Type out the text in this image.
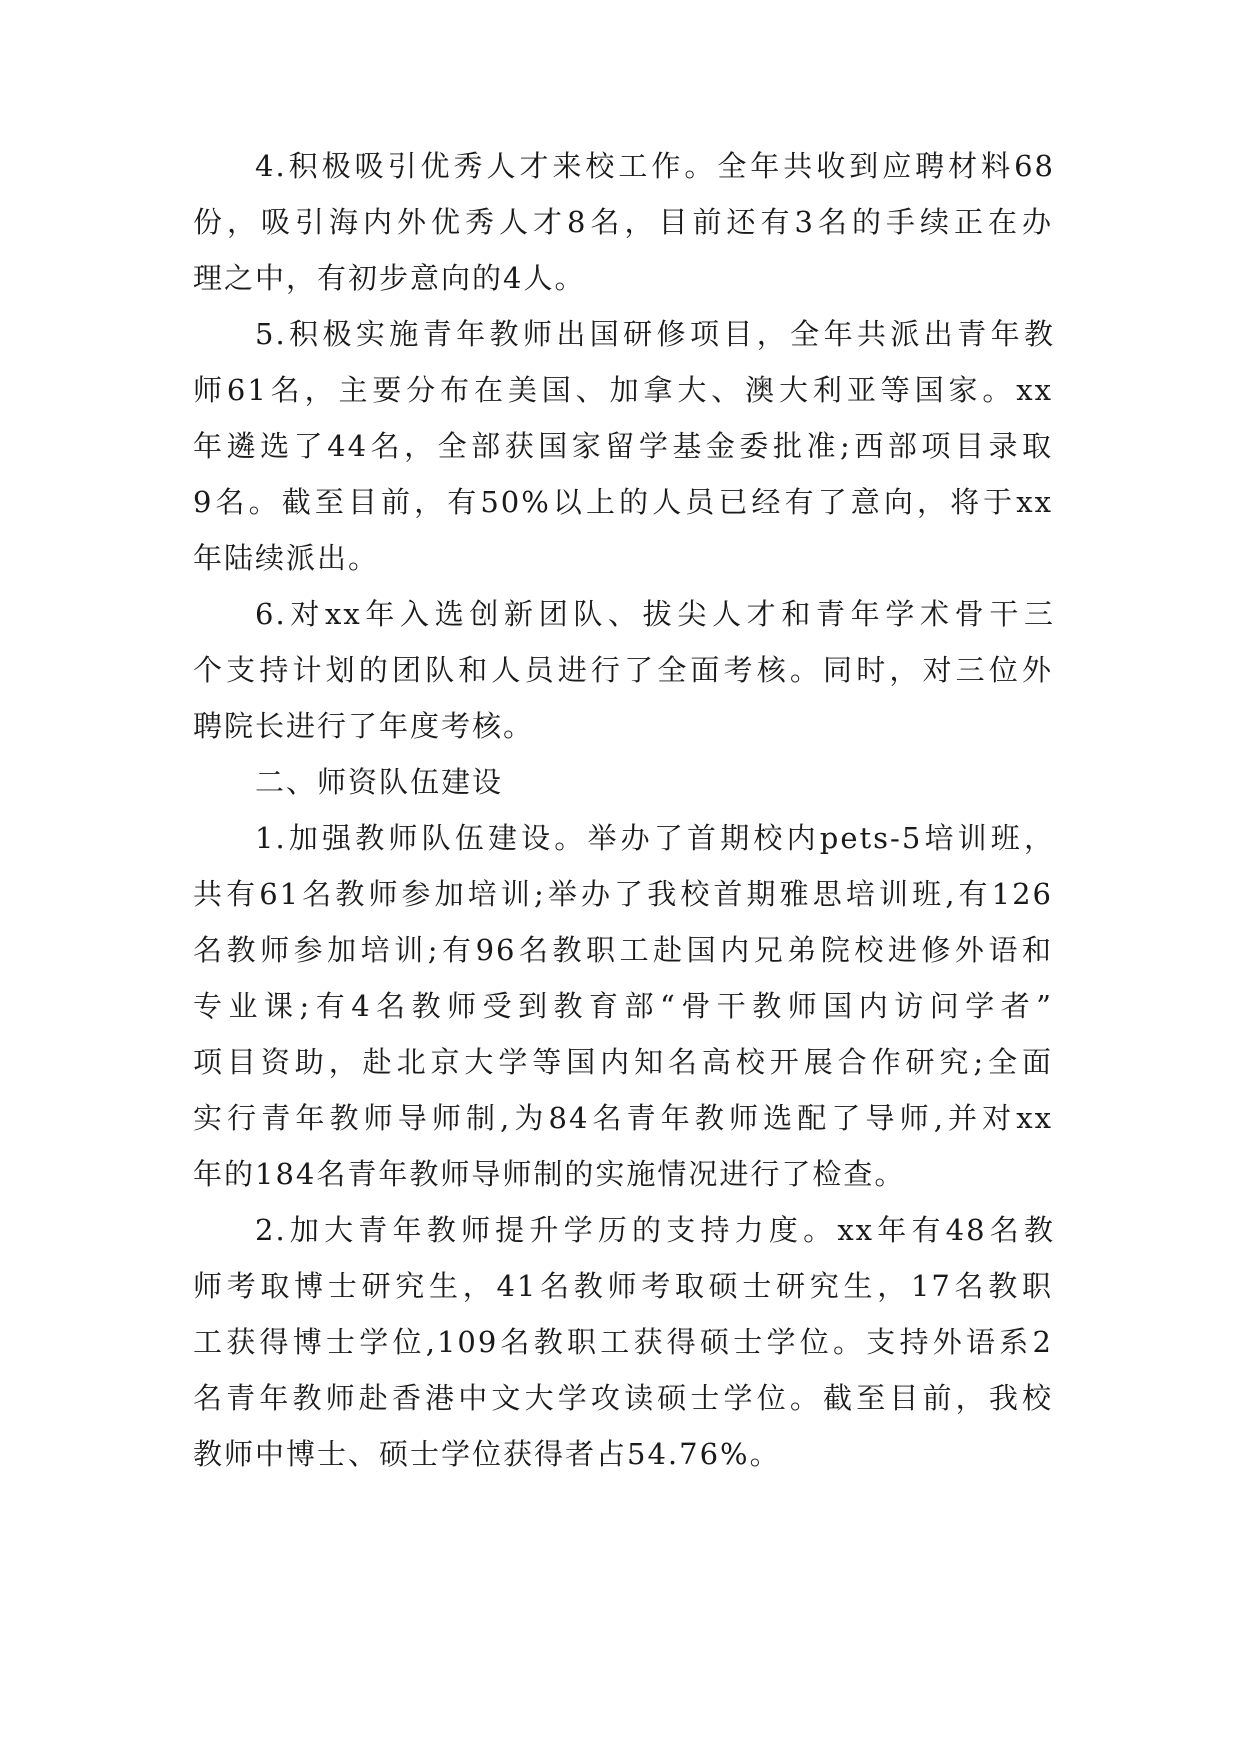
4.积极吸引优秀人才来校工作。全年共收到应聘材料68
份，吸引海内外优秀人才8名，目前还有3名的手续正在办
理之中，有初步意向的4人。
5.积极实施青年教师出国研修项目，全年共派出青年教
师61名，主要分布在美国、加拿大、澳大利亚等国家。xx
年遴选了44名，全部获国家留学基金委批准;西部项目录取
9名。截至目前，有50%以上的人员已经有了意向，将于xx
年陆续派出。
6.对xx年入选创新团队、拔尖人才和青年学术骨干三
个支持计划的团队和人员进行了全面考核。同时，对三位外
聘院长进行了年度考核。
二、师资队伍建设
1.加强教师队伍建设。举办了首期校内pets-5培训班，
共有61名教师参加培训;举办了我校首期雅思培训班,有126
名教师参加培训;有96名教职工赴国内兄弟院校进修外语和
专业课;有4名教师受到教育部“骨干教师国内访问学者”
项目资助，赴北京大学等国内知名高校开展合作研究;全面
实行青年教师导师制,为84名青年教师选配了导师,并对xx
年的184名青年教师导师制的实施情况进行了检查。
2.加大青年教师提升学历的支持力度。xx年有48名教
师考取博士研究生，41名教师考取硕士研究生，17名教职
工获得博士学位,109名教职工获得硕士学位。支持外语系2
名青年教师赴香港中文大学攻读硕士学位。截至目前，我校
教师中博士、硕士学位获得者占54.76%。
